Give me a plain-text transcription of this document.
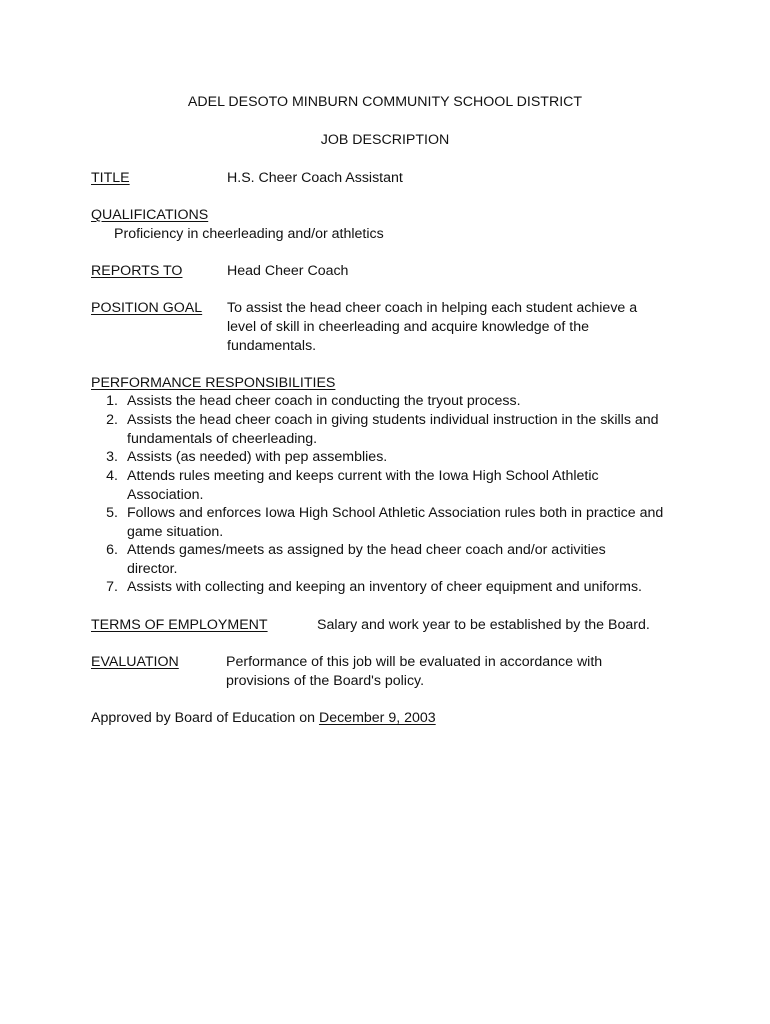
ADEL DESOTO MINBURN COMMUNITY SCHOOL DISTRICT
JOB DESCRIPTION
TITLE	H.S. Cheer Coach Assistant
QUALIFICATIONS
Proficiency in cheerleading and/or athletics
REPORTS TO	Head Cheer Coach
POSITION GOAL To assist the head cheer coach in helping each student achieve a
level of skill in cheerleading and acquire knowledge of the
fundamentals.
PERFORMANCE RESPONSIBILITIES
1. Assists the head cheer coach in conducting the tryout process.
2. Assists the head cheer coach in giving students individual instruction in the skills and fundamentals of cheerleading.
3. Assists (as needed) with pep assemblies.
4. Attends rules meeting and keeps current with the Iowa High School Athletic Association.
5. Follows and enforces Iowa High School Athletic Association rules both in practice and game situation.
6. Attends games/meets as assigned by the head cheer coach and/or activities director.
7. Assists with collecting and keeping an inventory of cheer equipment and uniforms.
TERMS OF EMPLOYMENT	Salary and work year to be established by the Board.
EVALUATION	Performance of this job will be evaluated in accordance with
provisions of the Board's policy.
Approved by Board of Education on December 9, 2003
